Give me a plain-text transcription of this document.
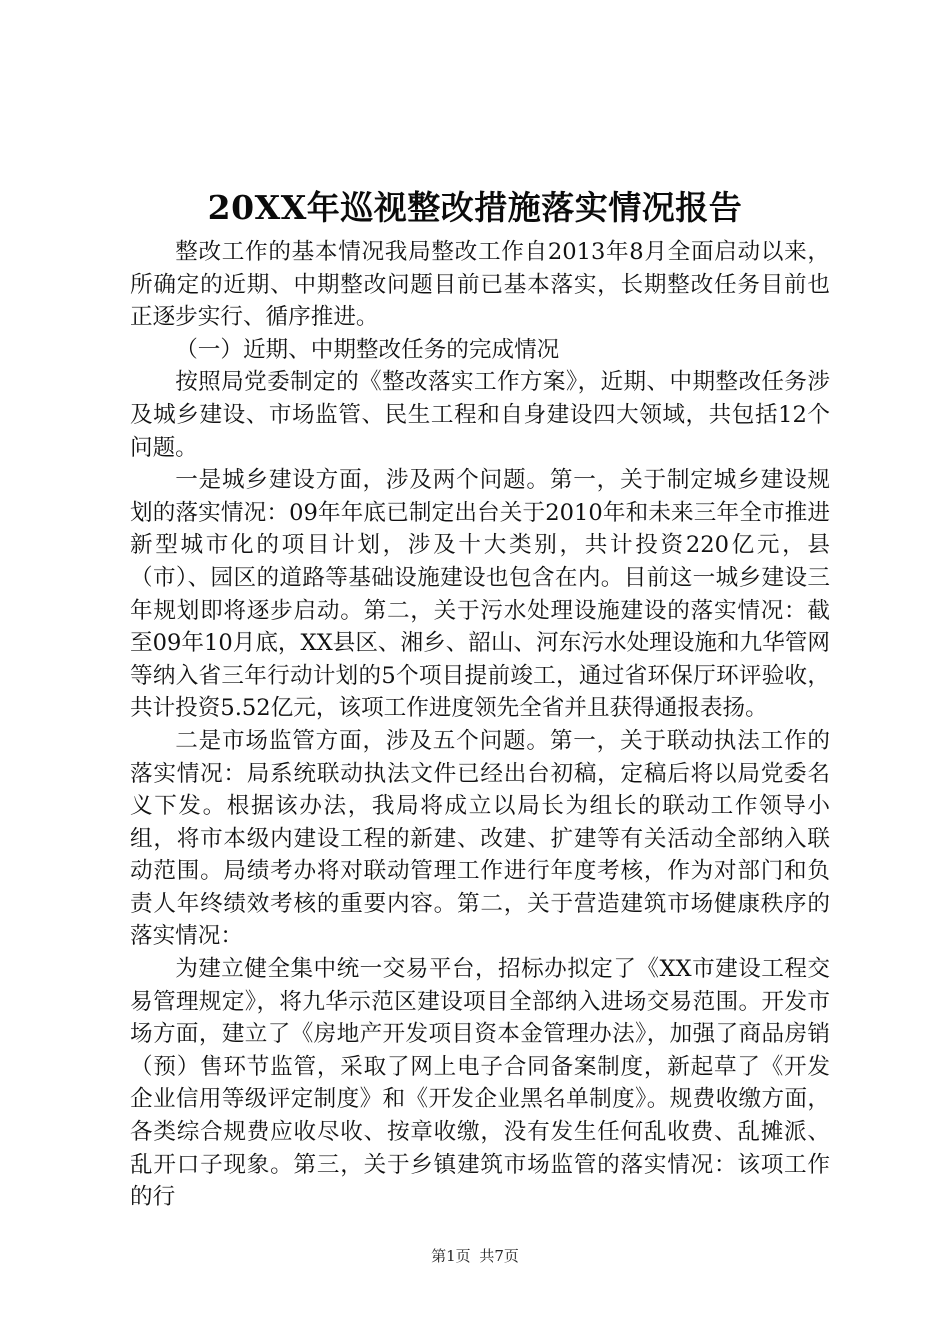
20XX年巡视整改措施落实情况报告

整改工作的基本情况我局整改工作自2013年8月全面启动以来，所确定的近期、中期整改问题目前已基本落实，长期整改任务目前也正逐步实行、循序推进。

（一）近期、中期整改任务的完成情况

按照局党委制定的《整改落实工作方案》，近期、中期整改任务涉及城乡建设、市场监管、民生工程和自身建设四大领域，共包括12个问题。

一是城乡建设方面，涉及两个问题。第一，关于制定城乡建设规划的落实情况：09年年底已制定出台关于2010年和未来三年全市推进新型城市化的项目计划，涉及十大类别，共计投资220亿元，县（市）、园区的道路等基础设施建设也包含在内。目前这一城乡建设三年规划即将逐步启动。第二，关于污水处理设施建设的落实情况：截至09年10月底，XX县区、湘乡、韶山、河东污水处理设施和九华管网等纳入省三年行动计划的5个项目提前竣工，通过省环保厅环评验收，共计投资5.52亿元，该项工作进度领先全省并且获得通报表扬。

二是市场监管方面，涉及五个问题。第一，关于联动执法工作的落实情况：局系统联动执法文件已经出台初稿，定稿后将以局党委名义下发。根据该办法，我局将成立以局长为组长的联动工作领导小组，将市本级内建设工程的新建、改建、扩建等有关活动全部纳入联动范围。局绩考办将对联动管理工作进行年度考核，作为对部门和负责人年终绩效考核的重要内容。第二，关于营造建筑市场健康秩序的落实情况：

为建立健全集中统一交易平台，招标办拟定了《XX市建设工程交易管理规定》，将九华示范区建设项目全部纳入进场交易范围。开发市场方面，建立了《房地产开发项目资本金管理办法》，加强了商品房销（预）售环节监管，采取了网上电子合同备案制度，新起草了《开发企业信用等级评定制度》和《开发企业黑名单制度》。规费收缴方面，各类综合规费应收尽收、按章收缴，没有发生任何乱收费、乱摊派、乱开口子现象。第三，关于乡镇建筑市场监管的落实情况：该项工作的行

第1页 共7页
